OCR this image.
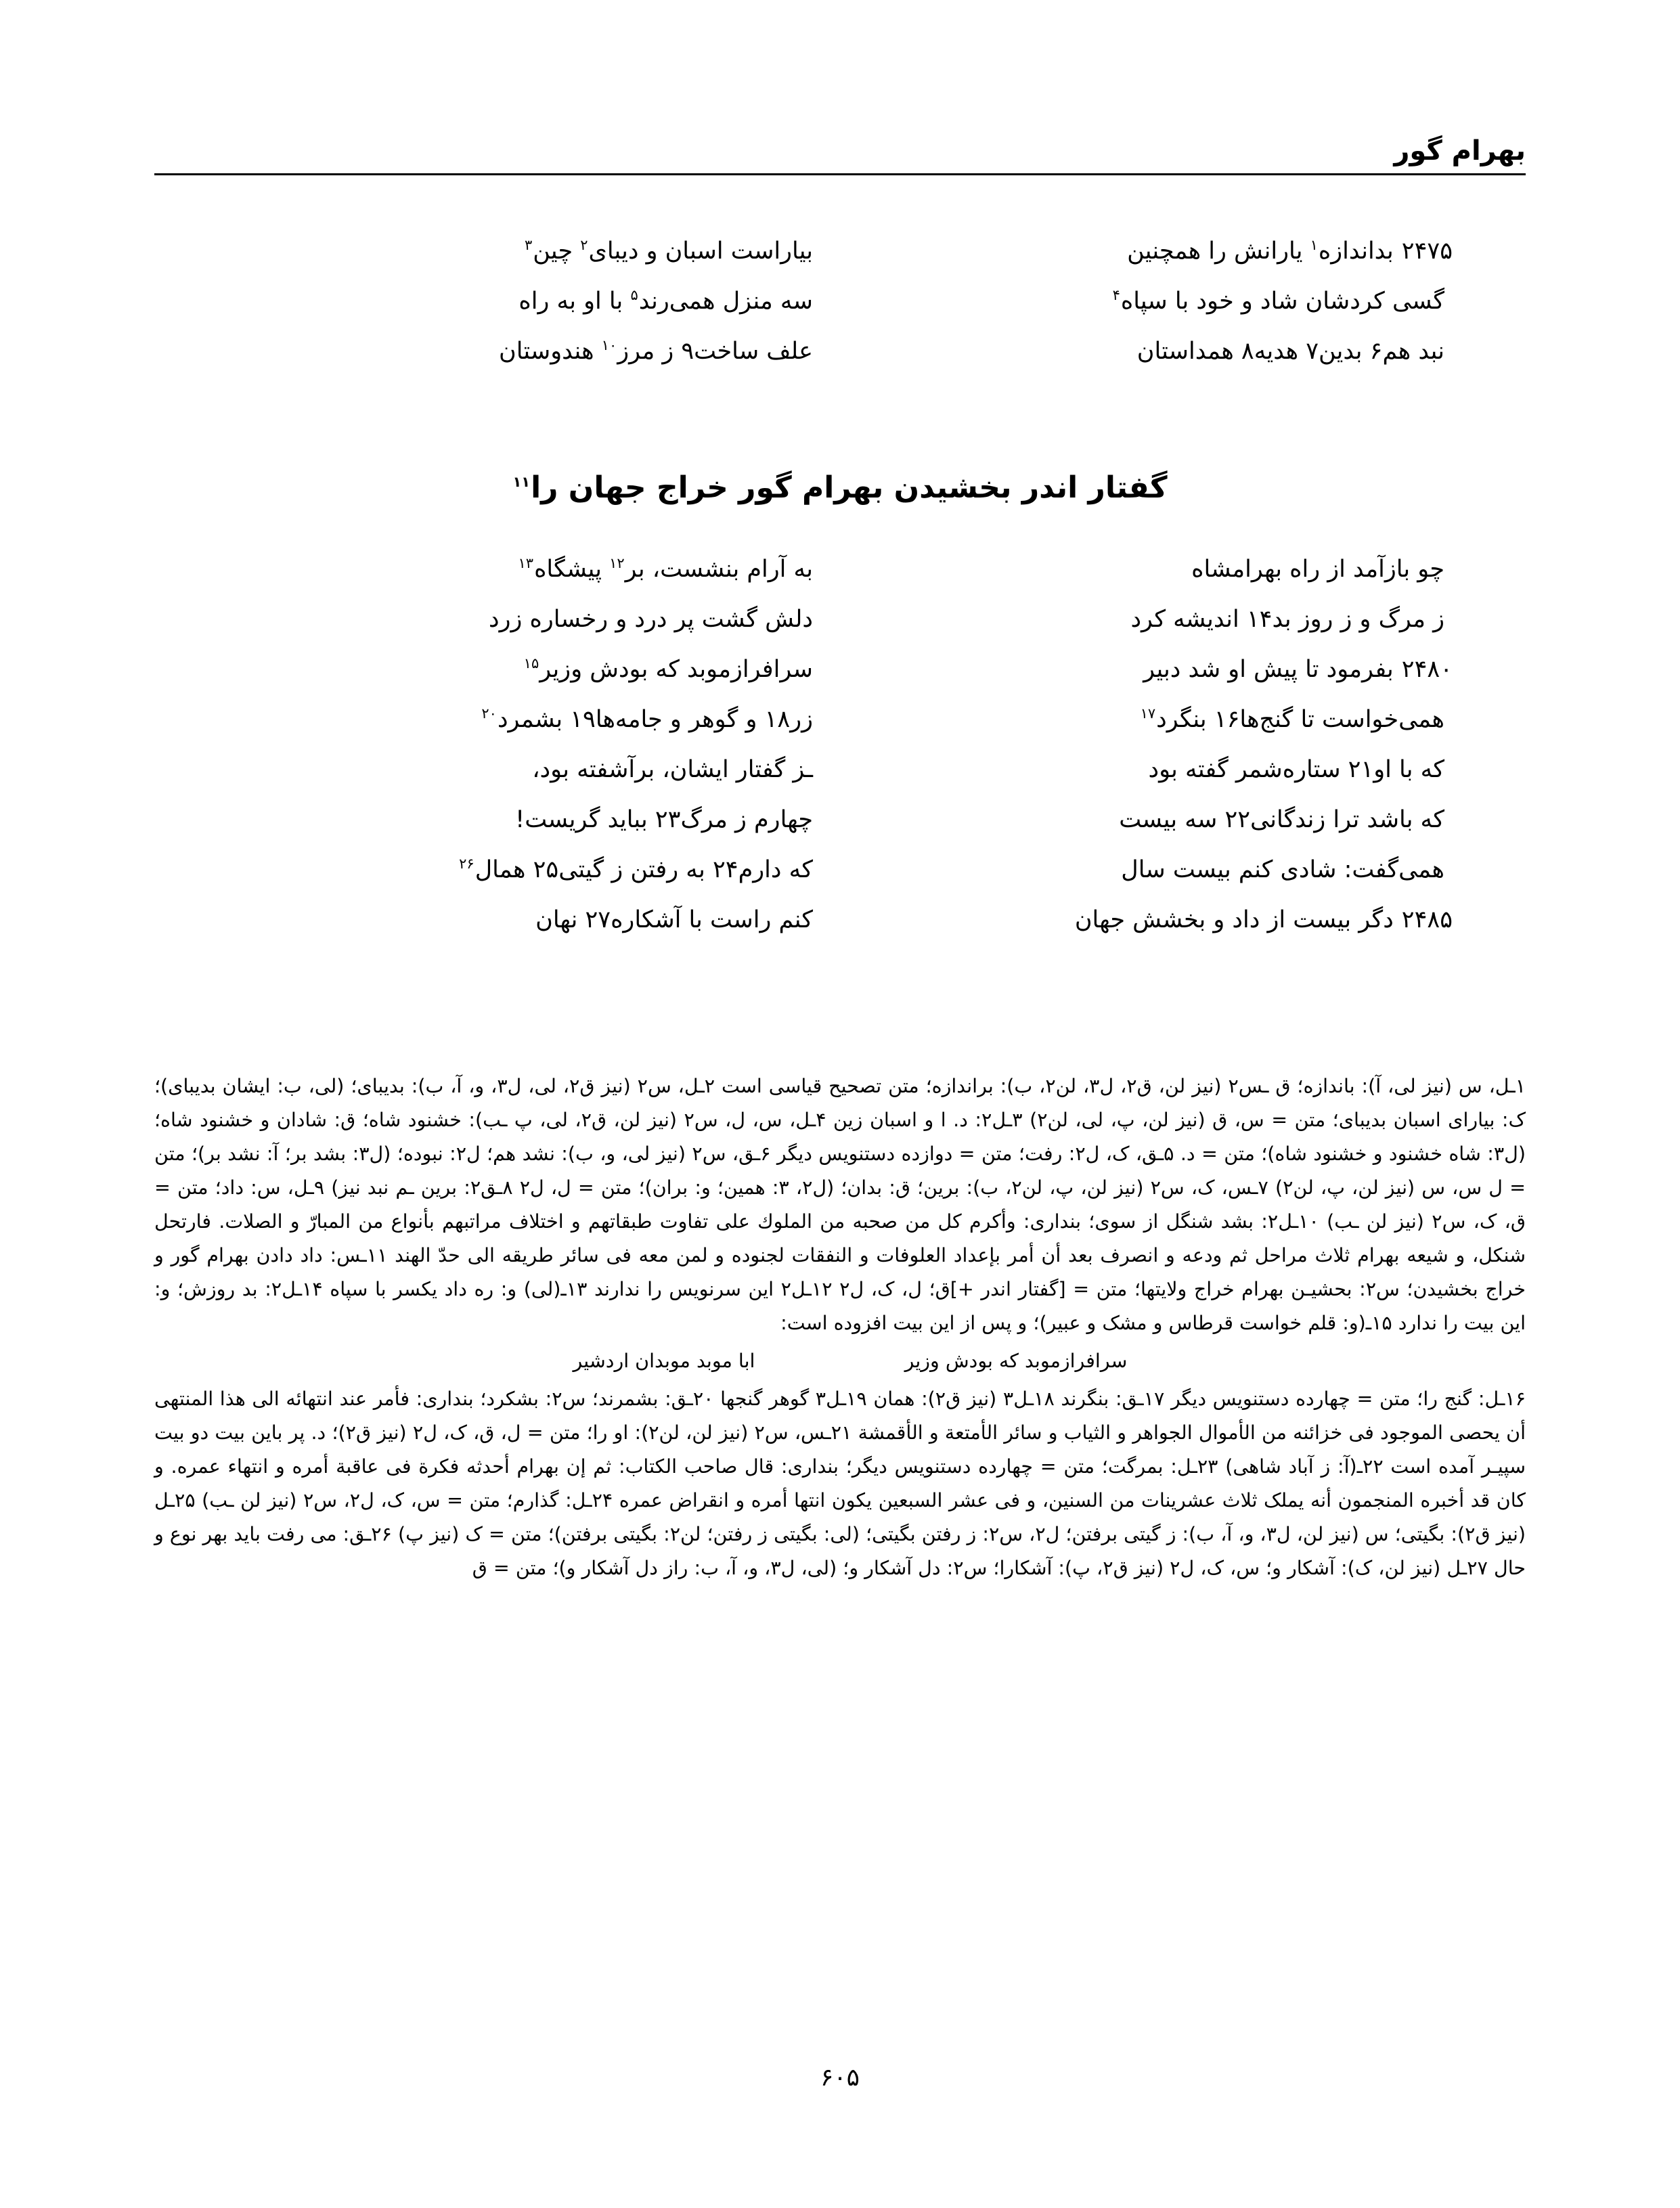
بهرام گور
۲۴۷۵بداندازه$^۱$ یارانش را همچنین
بیاراست اسبان و دیبای$^۲$ چین$^۳$
گسی کردشان شاد و خود با سپاه$^۴$
سه منزل همی‌رند$^۵$ با او به راه
نبد هم۶ بدین۷ هدیه۸ همداستان
علف ساخت۹ ز مرز$^{۱۰}$ هندوستان
گفتار اندر بخشیدن بهرام گور خراج جهان را$^{۱۱}$
چو بازآمد از راه بهرامشاه
به آرام بنشست، بر$^{۱۲}$ پیشگاه$^{۱۳}$
ز مرگ و ز روز بد۱۴ اندیشه کرد
دلش گشت پر درد و رخساره زرد
۲۴۸۰بفرمود تا پیش او شد دبیر
سرافرازموبد که بودش وزیر$^{۱۵}$
همی‌خواست تا گنج‌ها۱۶ بنگرد$^{۱۷}$
زر۱۸ و گوهر و جامه‌ها۱۹ بشمرد$^{۲۰}$
که با او۲۱ ستاره‌شمر گفته بود
ـز گفتار ایشان، برآشفته بود،
که باشد ترا زندگانی۲۲ سه بیست
چهارم ز مرگ۲۳ بباید گریست!
همی‌گفت: شادی کنم بیست سال
که دارم۲۴ به رفتن ز گیتی۲۵ همال$^{۲۶}$
۲۴۸۵دگر بیست از داد و بخشش جهان
کنم راست با آشکاره۲۷ نهان

۱ـل، س (نیز لی، آ): باندازه؛ ق ـس۲ (نیز لن، ق۲، ل۳، لن۲، ب): براندازه؛ متن تصحیح قیاسی است ۲ـل، س۲ (نیز ق۲، لی، ل۳، و، آ، ب): بدیبای؛ (لی، ب: ایشان بدیبای)؛ ک: بیارای اسبان بدیبای؛ متن = س، ق (نیز لن، پ، لی، لن۲) ۳ـل۲: د. ا و اسبان زین ۴ـل، س، ل، س۲ (نیز لن، ق۲، لی، پ ـب): خشنود شاه؛ ق: شادان و خشنود شاه؛ (ل۳: شاه خشنود و خشنود شاه)؛ متن = د. ۵ـق، ک، ل۲: رفت؛ متن = دوازده دستنویس دیگر ۶ـق، س۲ (نیز لی، و، ب): نشد هم؛ ل۲: نبوده؛ (ل۳: بشد بر؛ آ: نشد بر)؛ متن = ل س، س (نیز لن، پ، لن۲) ۷ـس، ک، س۲ (نیز لن، پ، لن۲، ب): برین؛ ق: بدان؛ (ل۲، ۳: همین؛ و: بران)؛ متن = ل، ل۲ ۸ـق۲: برین ـم نبد نیز) ۹ـل، س: داد؛ متن = ق، ک، س۲ (نیز لن ـب) ۱۰ـل۲: بشد شنگل از سوی؛ بنداری: وأكرم كل من صحبه من الملوك على تفاوت طبقاتهم و اختلاف مراتبهم بأنواع من المبارّ و الصلات. فارتحل شنكل، و شيعه بهرام ثلاث مراحل ثم ودعه و انصرف بعد أن أمر بإعداد العلوفات و النفقات لجنوده و لمن معه فى سائر طريقه الى حدّ الهند ۱۱ـس: داد دادن بهرام گور و خراج بخشیدن؛ س۲: بحشیـن بهرام خراج ولایتها؛ متن = [گفتار اندر +]ق؛ ل، ک، ل۲ ۱۲ـل۲ این سرنویس را ندارند ۱۳ـ(لی) و: ره داد یکسر با سپاه ۱۴ـل۲: بد روزش؛ و: این بیت را ندارد ۱۵ـ(و: قلم خواست قرطاس و مشک و عبیر)؛ و پس از این بیت افزوده است:

سرافرازموبد که بودش وزیرابا موبد موبدان اردشیر

۱۶ـل: گنج را؛ متن = چهارده دستنویس دیگر ۱۷ـق: بنگرند ۱۸ـل۳ (نیز ق۲): همان ۱۹ـل۳ گوهر گنجها ۲۰ـق: بشمرند؛ س۲: بشکرد؛ بنداری: فأمر عند انتهائه الى هذا المنتهى أن يحصى الموجود فى خزائنه من الأموال الجواهر و الثياب و سائر الأمتعة و الأقمشة ۲۱ـس، س۲ (نیز لن، لن۲): او را؛ متن = ل، ق، ک، ل۲ (نیز ق۲)؛ د. پر باین بیت دو بیت سپیـر آمده است ۲۲ـ(آ: ز آباد شاهی) ۲۳ـل: بمرگت؛ متن = چهارده دستنویس دیگر؛ بنداری: قال صاحب الكتاب: ثم إن بهرام أحدثه فکرة فى عاقبة أمره و انتهاء عمره. و كان قد أخبره المنجمون أنه يملک ثلاث عشرينات من السنين، و فى عشر السبعين يكون انتها أمره و انقراض عمره ۲۴ـل: گذارم؛ متن = س، ک، ل۲، س۲ (نیز لن ـب) ۲۵ـل (نیز ق۲): بگیتی؛ س (نیز لن، ل۳، و، آ، ب): ز گیتی برفتن؛ ل۲، س۲: ز رفتن بگیتی؛ (لی: بگیتی ز رفتن؛ لن۲: بگیتی برفتن)؛ متن = ک (نیز پ) ۲۶ـق: می رفت باید بهر نوع و حال ۲۷ـل (نیز لن، ک): آشکار و؛ س، ک، ل۲ (نیز ق۲، پ): آشکارا؛ س۲: دل آشکار و؛ (لی، ل۳، و، آ، ب: راز دل آشکار و)؛ متن = ق

۶۰۵
